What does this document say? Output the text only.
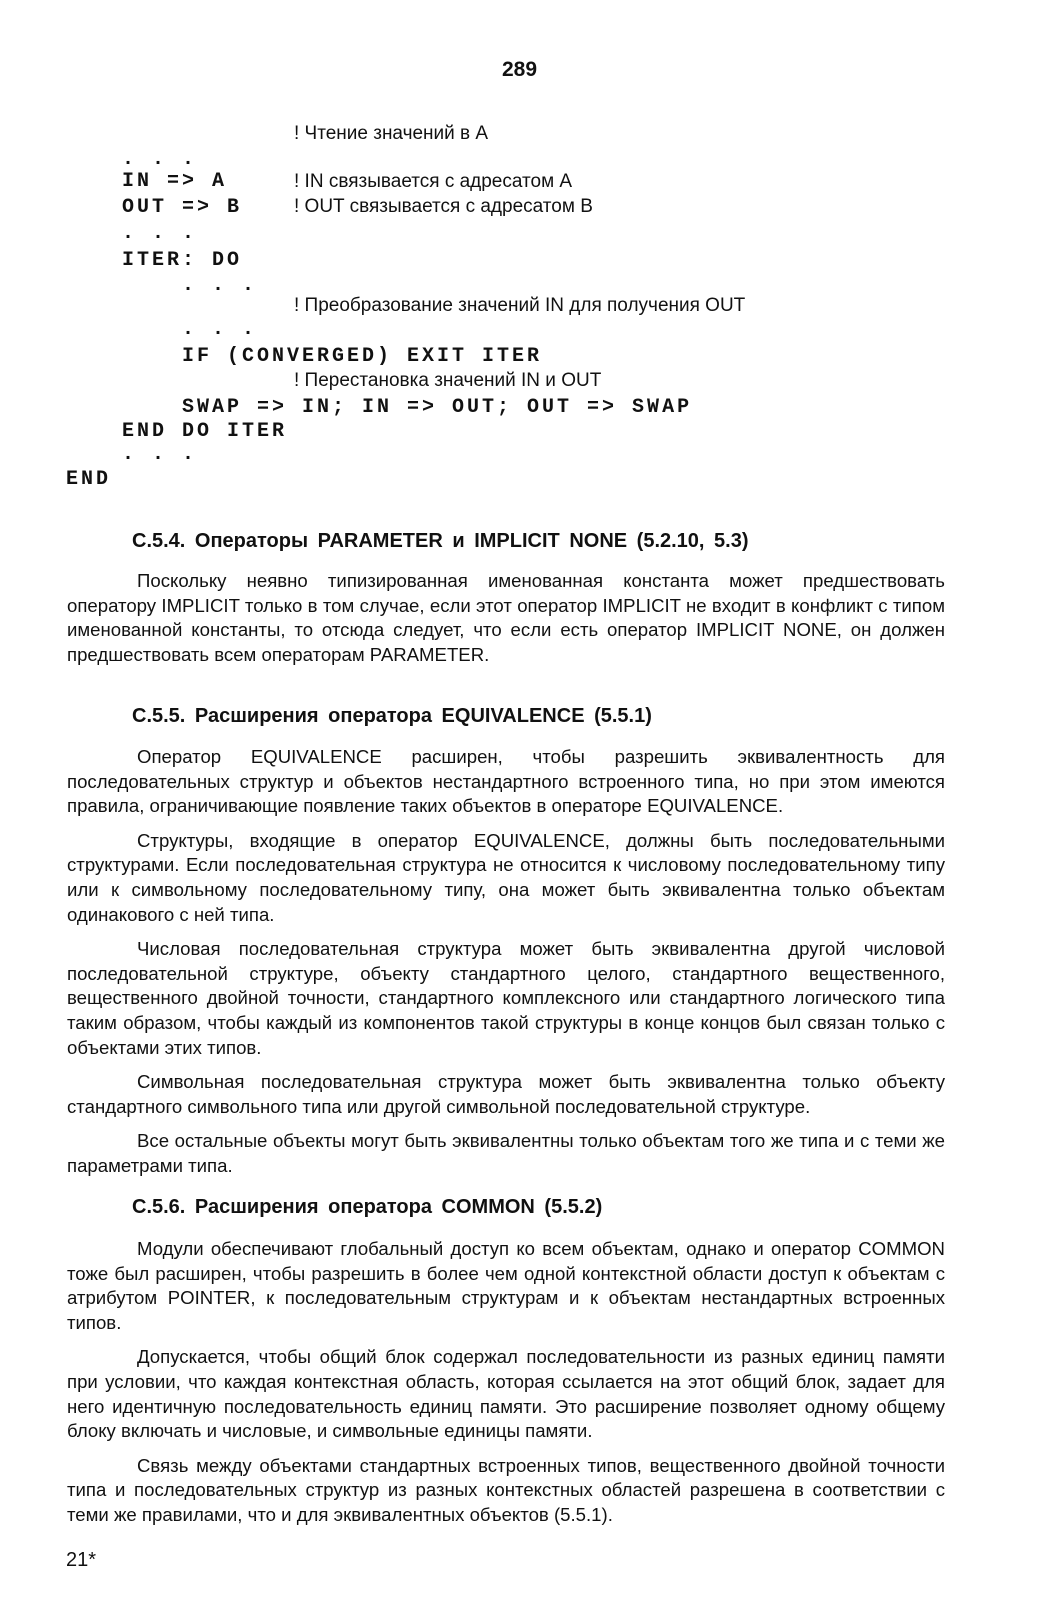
289
! Чтение значений в A
. . .
IN => A	! IN связывается с адресатом A
OUT => B	! OUT связывается с адресатом B
. . .
ITER: DO
. . .
! Преобразование значений IN для получения OUT
. . .
IF (CONVERGED) EXIT ITER
! Перестановка значений IN и OUT
SWAP => IN; IN => OUT; OUT => SWAP
END DO ITER
. . .
END
С.5.4. Операторы PARAMETER и IMPLICIT NONE (5.2.10, 5.3)

Поскольку неявно типизированная именованная константа может предшествовать оператору IMPLICIT только в том случае, если этот оператор IMPLICIT не входит в конфликт с типом именованной константы, то отсюда следует, что если есть оператор IMPLICIT NONE, он должен предшествовать всем операторам PARAMETER.

С.5.5. Расширения оператора EQUIVALENCE (5.5.1)

Оператор EQUIVALENCE расширен, чтобы разрешить эквивалентность для последовательных структур и объектов нестандартного встроенного типа, но при этом имеются правила, ограничивающие появление таких объектов в операторе EQUIVALENCE.

Структуры, входящие в оператор EQUIVALENCE, должны быть последовательными структурами. Если последовательная структура не относится к числовому последовательному типу или к символьному последовательному типу, она может быть эквивалентна только объектам одинакового с ней типа.

Числовая последовательная структура может быть эквивалентна другой числовой последовательной структуре, объекту стандартного целого, стандартного вещественного, вещественного двойной точности, стандартного комплексного или стандартного логического типа таким образом, чтобы каждый из компонентов такой структуры в конце концов был связан только с объектами этих типов.

Символьная последовательная структура может быть эквивалентна только объекту стандартного символьного типа или другой символьной последовательной структуре.

Все остальные объекты могут быть эквивалентны только объектам того же типа и с теми же параметрами типа.

С.5.6. Расширения оператора COMMON (5.5.2)

Модули обеспечивают глобальный доступ ко всем объектам, однако и оператор COMMON тоже был расширен, чтобы разрешить в более чем одной контекстной области доступ к объектам с атрибутом POINTER, к последовательным структурам и к объектам нестандартных встроенных типов.

Допускается, чтобы общий блок содержал последовательности из разных единиц памяти при условии, что каждая контекстная область, которая ссылается на этот общий блок, задает для него идентичную последовательность единиц памяти. Это расширение позволяет одному общему блоку включать и числовые, и символьные единицы памяти.

Связь между объектами стандартных встроенных типов, вещественного двойной точности типа и последовательных структур из разных контекстных областей разрешена в соответствии с теми же правилами, что и для эквивалентных объектов (5.5.1).

21*
